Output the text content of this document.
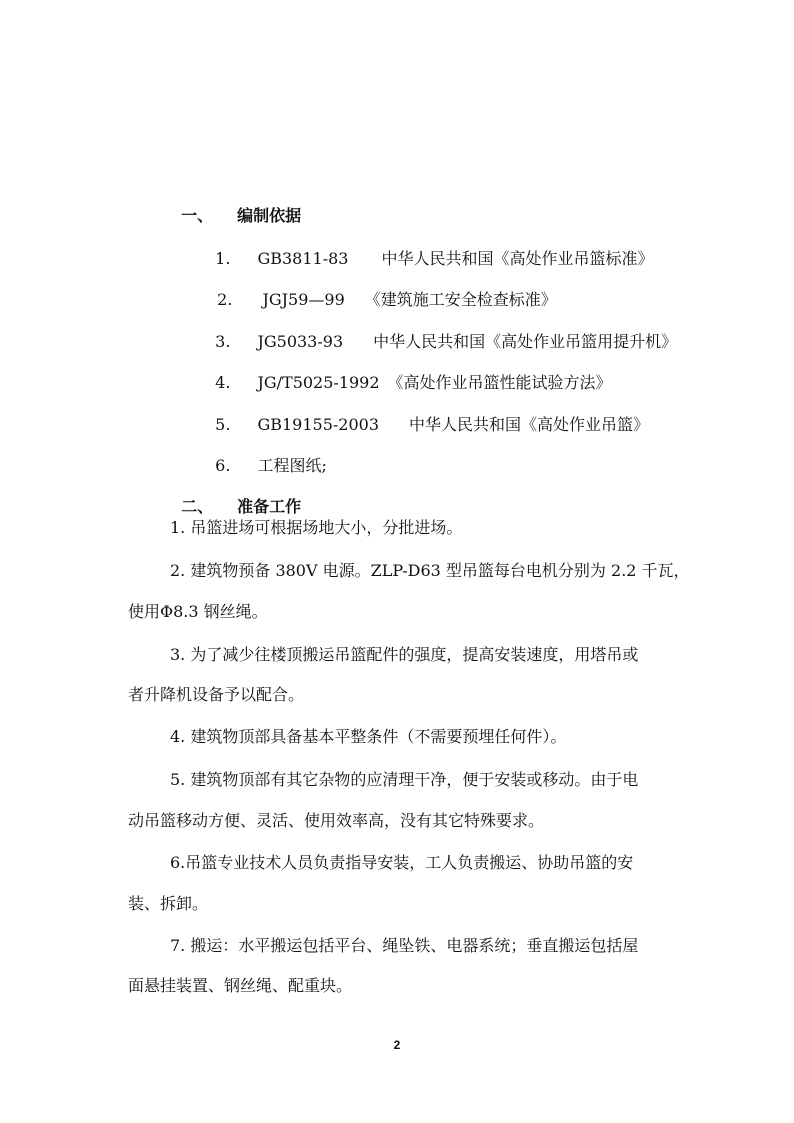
一、 编制依据

1. GB3811-83 中华人民共和国《高处作业吊篮标准》

2. JGJ59—99 《建筑施工安全检查标准》

3. JG5033-93 中华人民共和国《高处作业吊篮用提升机》

4. JG/T5025-1992 《高处作业吊篮性能试验方法》

5. GB19155-2003 中华人民共和国《高处作业吊篮》

6. 工程图纸;

二、 准备工作

1. 吊篮进场可根据场地大小，分批进场。
2. 建筑物预备 380V 电源。ZLP-D63 型吊篮每台电机分别为 2.2 千瓦，
使用Φ8.3 钢丝绳。
3. 为了减少往楼顶搬运吊篮配件的强度，提高安装速度，用塔吊或
者升降机设备予以配合。
4. 建筑物顶部具备基本平整条件（不需要预埋任何件）。
5. 建筑物顶部有其它杂物的应清理干净，便于安装或移动。由于电
动吊篮移动方便、灵活、使用效率高，没有其它特殊要求。
6.吊篮专业技术人员负责指导安装，工人负责搬运、协助吊篮的安
装、拆卸。
7. 搬运：水平搬运包括平台、绳坠铁、电器系统；垂直搬运包括屋
面悬挂装置、钢丝绳、配重块。
2
